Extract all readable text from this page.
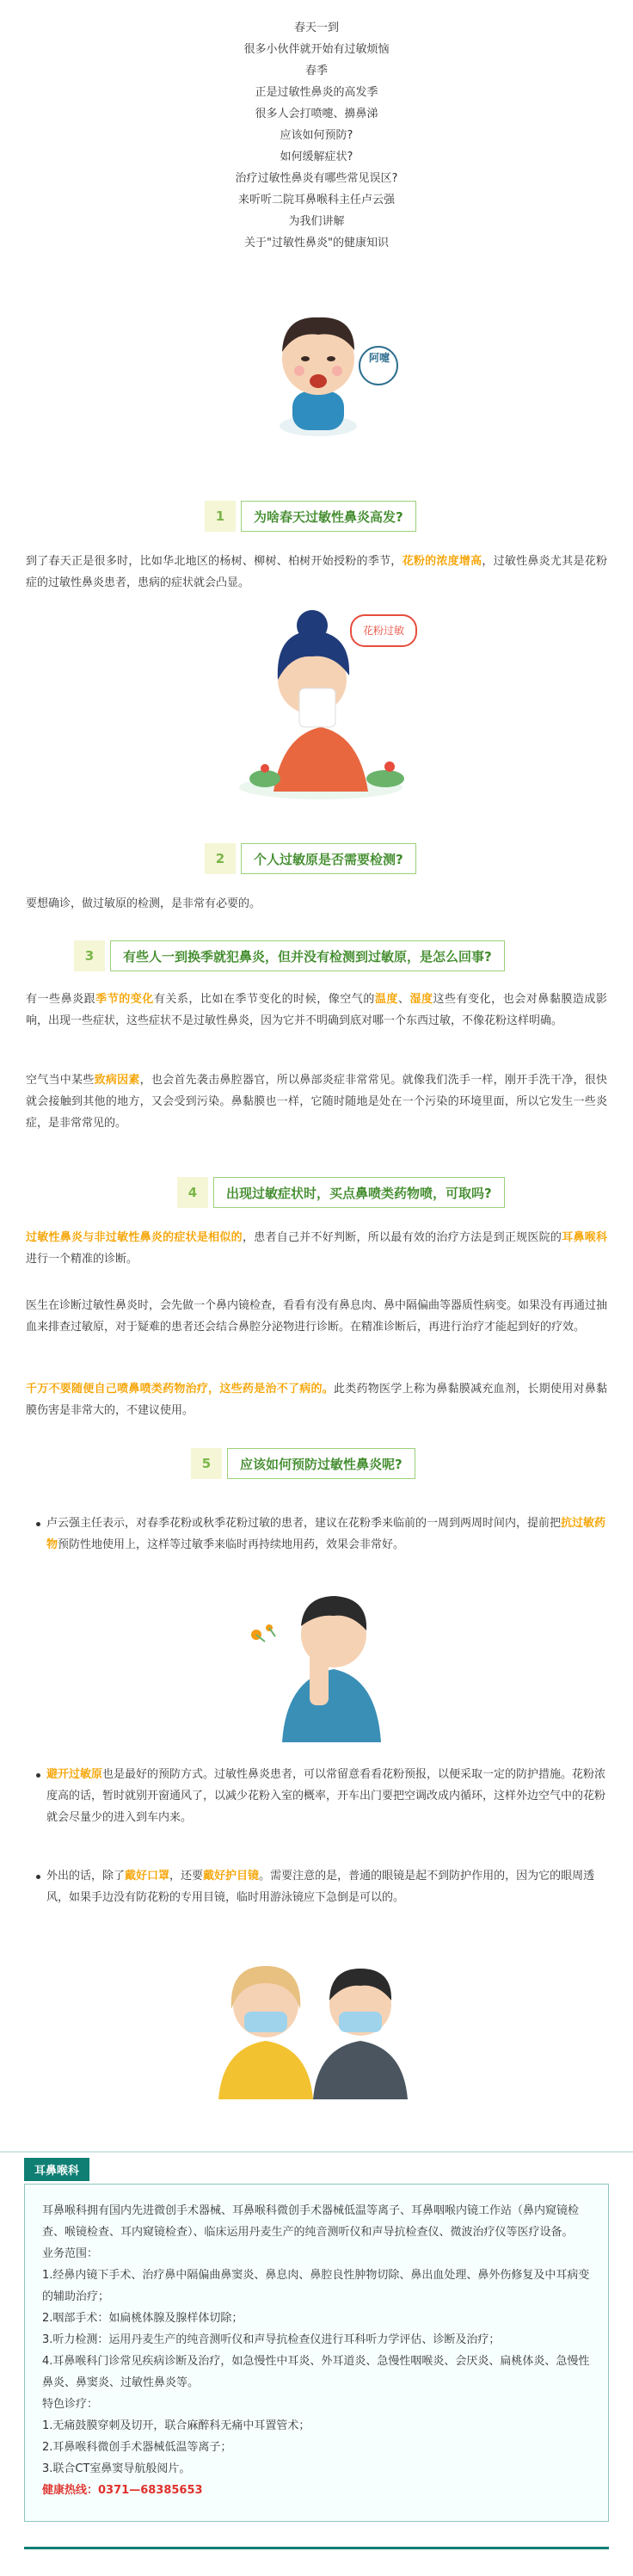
春天一到
很多小伙伴就开始有过敏烦恼
春季
正是过敏性鼻炎的高发季
很多人会打喷嚏、擤鼻涕
应该如何预防?
如何缓解症状?
治疗过敏性鼻炎有哪些常见误区?
来听听二院耳鼻喉科主任卢云强
为我们讲解
关于"过敏性鼻炎"的健康知识
阿嚏
1	为啥春天过敏性鼻炎高发?
到了春天正是很多时，比如华北地区的杨树、柳树、柏树开始授粉的季节，花粉的浓度增高，过敏性鼻炎尤其是花粉症的过敏性鼻炎患者，患病的症状就会凸显。
花粉过敏
2	个人过敏原是否需要检测?
要想确诊，做过敏原的检测，是非常有必要的。
3	有些人一到换季就犯鼻炎，但并没有检测到过敏原，是怎么回事?
有一些鼻炎跟季节的变化有关系，比如在季节变化的时候，像空气的温度、湿度这些有变化，也会对鼻黏膜造成影响，出现一些症状，这些症状不是过敏性鼻炎，因为它并不明确到底对哪一个东西过敏，不像花粉这样明确。
空气当中某些致病因素，也会首先袭击鼻腔器官，所以鼻部炎症非常常见。就像我们洗手一样，刚开手洗干净，很快就会接触到其他的地方，又会受到污染。鼻黏膜也一样，它随时随地是处在一个污染的环境里面，所以它发生一些炎症，是非常常见的。
4	出现过敏症状时，买点鼻喷类药物喷，可取吗?
过敏性鼻炎与非过敏性鼻炎的症状是相似的，患者自己并不好判断，所以最有效的治疗方法是到正规医院的耳鼻喉科进行一个精准的诊断。
医生在诊断过敏性鼻炎时，会先做一个鼻内镜检查，看看有没有鼻息肉、鼻中隔偏曲等器质性病变。如果没有再通过抽血来排查过敏原，对于疑难的患者还会结合鼻腔分泌物进行诊断。在精准诊断后，再进行治疗才能起到好的疗效。
千万不要随便自己喷鼻喷类药物治疗，这些药是治不了病的。此类药物医学上称为鼻黏膜减充血剂，长期使用对鼻黏膜伤害是非常大的，不建议使用。
5	应该如何预防过敏性鼻炎呢?
卢云强主任表示，对春季花粉或秋季花粉过敏的患者，建议在花粉季来临前的一周到两周时间内，提前把抗过敏药物预防性地使用上，这样等过敏季来临时再持续地用药，效果会非常好。
避开过敏原也是最好的预防方式。过敏性鼻炎患者，可以常留意看看花粉预报，以便采取一定的防护措施。花粉浓度高的话，暂时就别开窗通风了，以减少花粉入室的概率，开车出门要把空调改成内循环，这样外边空气中的花粉就会尽量少的进入到车内来。
外出的话，除了戴好口罩，还要戴好护目镜。需要注意的是，普通的眼镜是起不到防护作用的，因为它的眼周透风，如果手边没有防花粉的专用目镜，临时用游泳镜应下急倒是可以的。
耳鼻喉科
耳鼻喉科拥有国内先进微创手术器械、耳鼻喉科微创手术器械低温等离子、耳鼻咽喉内镜工作站（鼻内窥镜检查、喉镜检查、耳内窥镜检查）、临床运用丹麦生产的纯音测听仪和声导抗检查仪、微波治疗仪等医疗设备。
业务范围：
1.经鼻内镜下手术、治疗鼻中隔偏曲鼻窦炎、鼻息肉、鼻腔良性肿物切除、鼻出血处理、鼻外伤修复及中耳病变的辅助治疗；
2.咽部手术：如扁桃体腺及腺样体切除；
3.听力检测：运用丹麦生产的纯音测听仪和声导抗检查仪进行耳科听力学评估、诊断及治疗；
4.耳鼻喉科门诊常见疾病诊断及治疗，如急慢性中耳炎、外耳道炎、急慢性咽喉炎、会厌炎、扁桃体炎、急慢性鼻炎、鼻窦炎、过敏性鼻炎等。
特色诊疗：
1.无痛鼓膜穿刺及切开，联合麻醉科无痛中耳置管术；
2.耳鼻喉科微创手术器械低温等离子；
3.联合CT室鼻窦导航般阅片。
健康热线：0371—68385653
